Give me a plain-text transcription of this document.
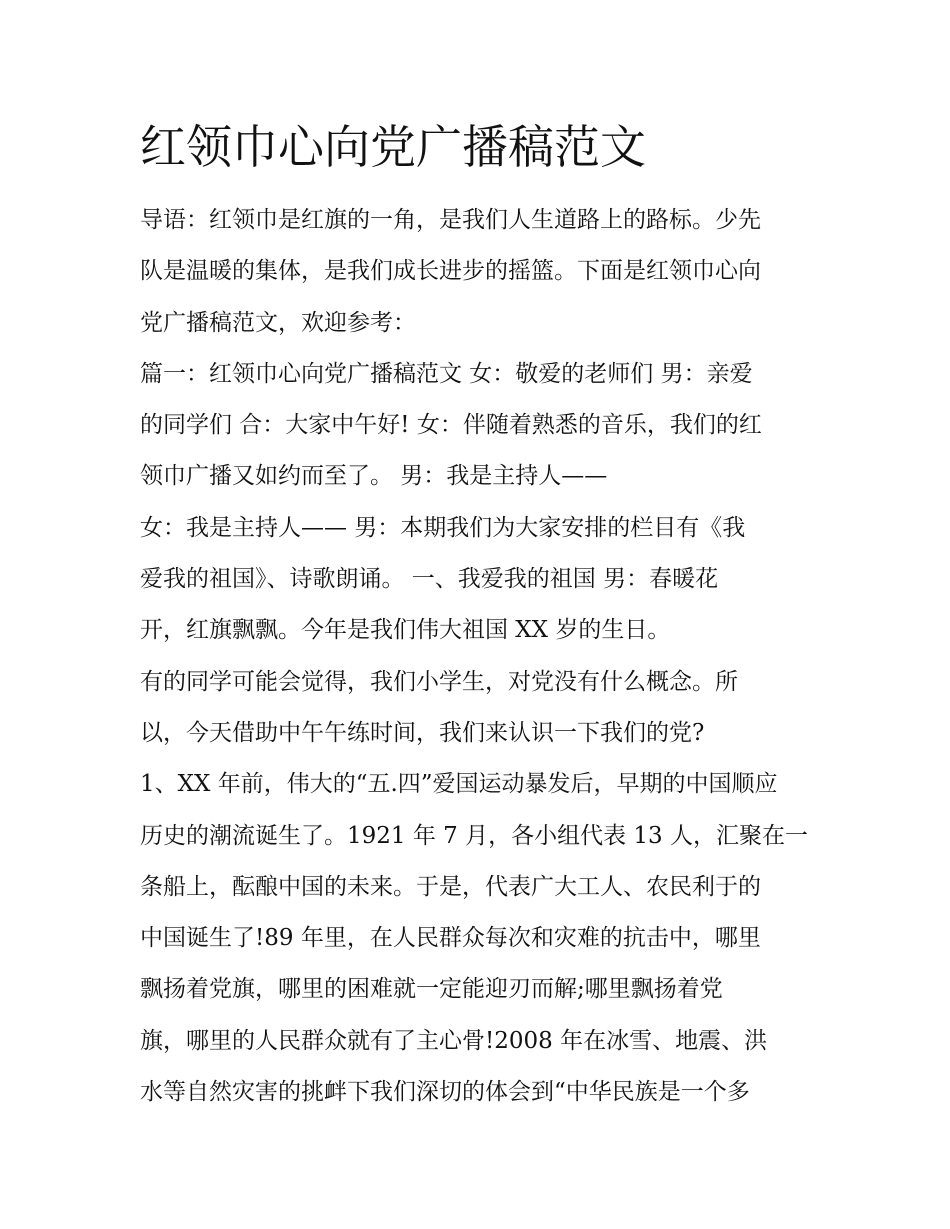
红领巾心向党广播稿范文
导语：红领巾是红旗的一角，是我们人生道路上的路标。少先
队是温暖的集体，是我们成长进步的摇篮。下面是红领巾心向
党广播稿范文，欢迎参考：
篇一：红领巾心向党广播稿范文 女：敬爱的老师们 男：亲爱
的同学们 合：大家中午好! 女：伴随着熟悉的音乐，我们的红
领巾广播又如约而至了。 男：我是主持人——
女：我是主持人—— 男：本期我们为大家安排的栏目有《我
爱我的祖国》、诗歌朗诵。 一、我爱我的祖国 男：春暖花
开，红旗飘飘。今年是我们伟大祖国 XX 岁的生日。
有的同学可能会觉得，我们小学生，对党没有什么概念。所
以，今天借助中午午练时间，我们来认识一下我们的党?
1、XX 年前，伟大的“五.四”爱国运动暴发后，早期的中国顺应
历史的潮流诞生了。1921 年 7 月，各小组代表 13 人，汇聚在一
条船上，酝酿中国的未来。于是，代表广大工人、农民利于的
中国诞生了!89 年里，在人民群众每次和灾难的抗击中，哪里
飘扬着党旗，哪里的困难就一定能迎刃而解;哪里飘扬着党
旗，哪里的人民群众就有了主心骨!2008 年在冰雪、地震、洪
水等自然灾害的挑衅下我们深切的体会到“中华民族是一个多
